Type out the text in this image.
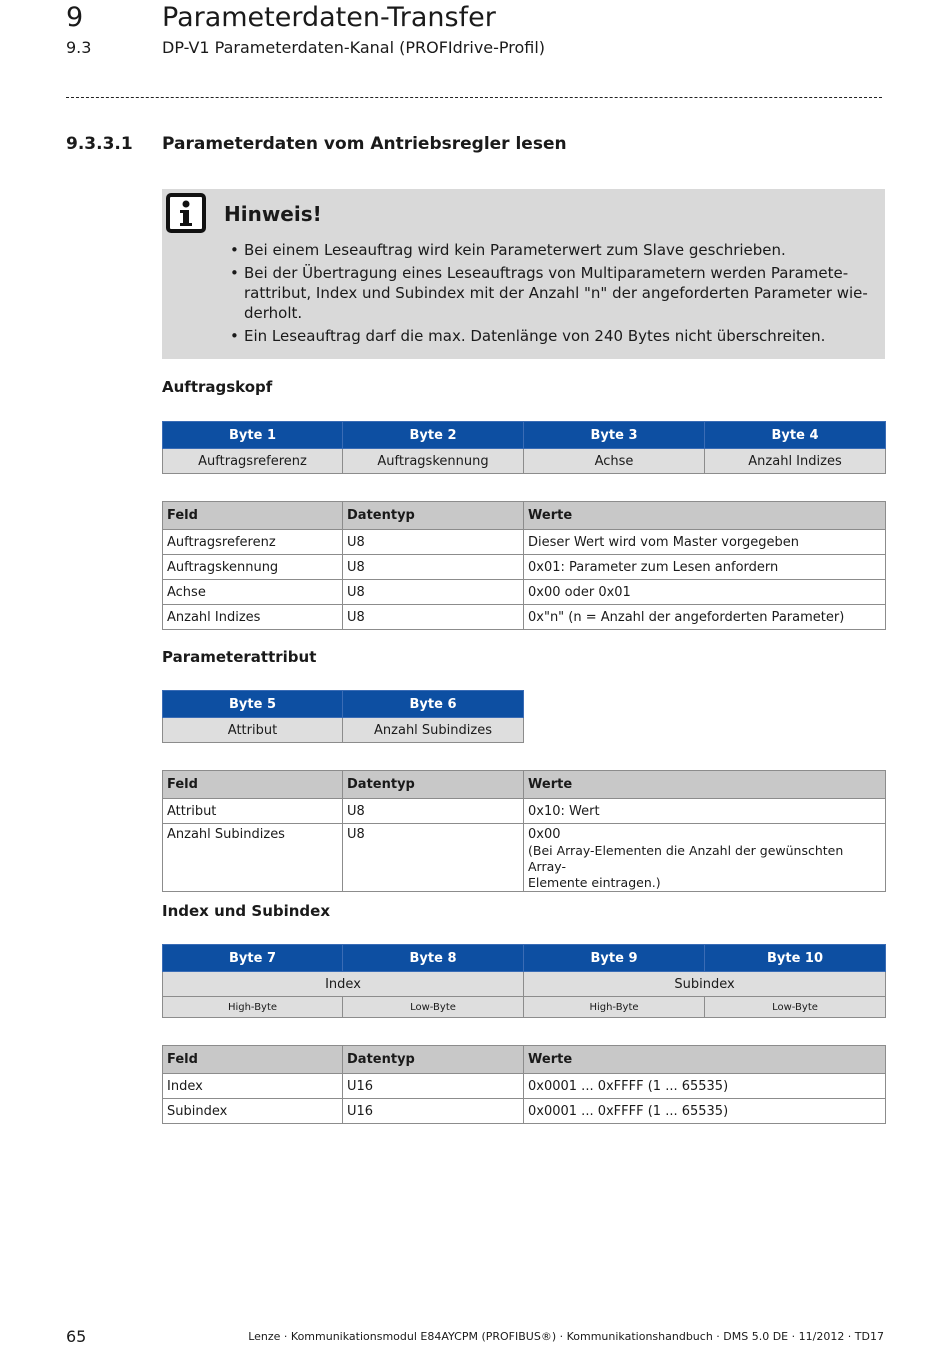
9	Parameterdaten-Transfer
9.3	DP-V1 Parameterdaten-Kanal (PROFIdrive-Profil)
9.3.3.1 Parameterdaten vom Antriebsregler lesen
Hinweis!
• Bei einem Leseauftrag wird kein Parameterwert zum Slave geschrieben.
• Bei der Übertragung eines Leseauftrags von Multiparametern werden Paramete-rattribut, Index und Subindex mit der Anzahl "n" der angeforderten Parameter wie-derholt.
• Ein Leseauftrag darf die max. Datenlänge von 240 Bytes nicht überschreiten.
Auftragskopf
Byte 1	Byte 2	Byte 3	Byte 4
Auftragsreferenz	Auftragskennung	Achse	Anzahl Indizes
Feld	Datentyp	Werte
Auftragsreferenz	U8	Dieser Wert wird vom Master vorgegeben
Auftragskennung	U8	0x01: Parameter zum Lesen anfordern
Achse	U8	0x00 oder 0x01
Anzahl Indizes	U8	0x"n" (n = Anzahl der angeforderten Parameter)
Parameterattribut
Byte 5	Byte 6
Attribut	Anzahl Subindizes
Feld	Datentyp	Werte
Attribut	U8	0x10: Wert
Anzahl Subindizes	U8	0x00
(Bei Array-Elementen die Anzahl der gewünschten Array-
Elemente eintragen.)
Index und Subindex
Byte 7	Byte 8	Byte 9	Byte 10
Index		Subindex	
High-Byte	Low-Byte	High-Byte	Low-Byte
Feld	Datentyp	Werte
Index	U16	0x0001 ... 0xFFFF (1 ... 65535)
Subindex	U16	0x0001 ... 0xFFFF (1 ... 65535)
65	Lenze · Kommunikationsmodul E84AYCPM (PROFIBUS®) · Kommunikationshandbuch · DMS 5.0 DE · 11/2012 · TD17
